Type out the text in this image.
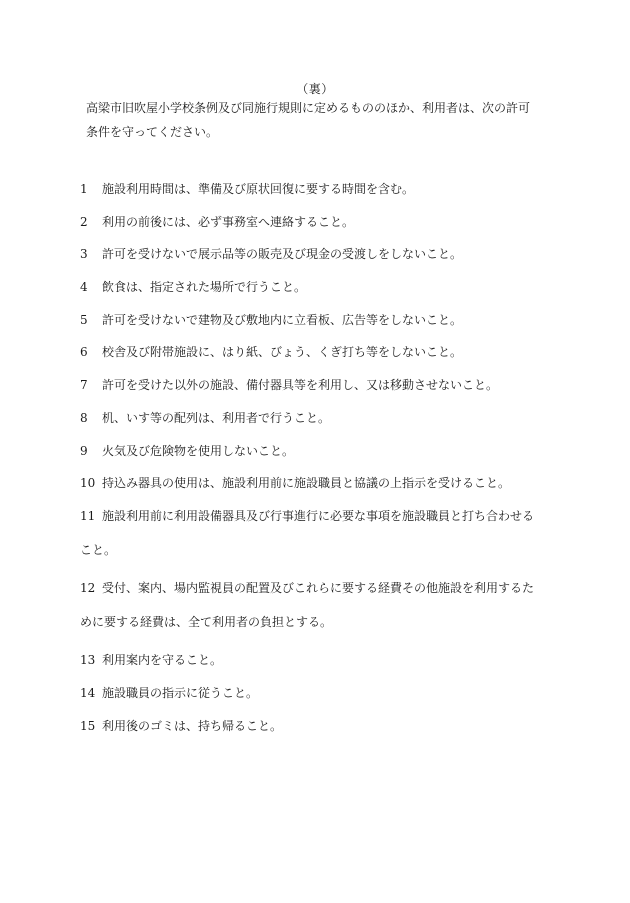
（裏）
高梁市旧吹屋小学校条例及び同施行規則に定めるもののほか、利用者は、次の許可
条件を守ってください。
1	施設利用時間は、準備及び原状回復に要する時間を含む。
2	利用の前後には、必ず事務室へ連絡すること。
3	許可を受けないで展示品等の販売及び現金の受渡しをしないこと。
4	飲食は、指定された場所で行うこと。
5	許可を受けないで建物及び敷地内に立看板、広告等をしないこと。
6	校舎及び附帯施設に、はり紙、びょう、くぎ打ち等をしないこと。
7	許可を受けた以外の施設、備付器具等を利用し、又は移動させないこと。
8	机、いす等の配列は、利用者で行うこと。
9	火気及び危険物を使用しないこと。
10 持込み器具の使用は、施設利用前に施設職員と協議の上指示を受けること。
11 施設利用前に利用設備器具及び行事進行に必要な事項を施設職員と打ち合わせる
こと。
12 受付、案内、場内監視員の配置及びこれらに要する経費その他施設を利用するた
めに要する経費は、全て利用者の負担とする。
13 利用案内を守ること。
14 施設職員の指示に従うこと。
15 利用後のゴミは、持ち帰ること。
